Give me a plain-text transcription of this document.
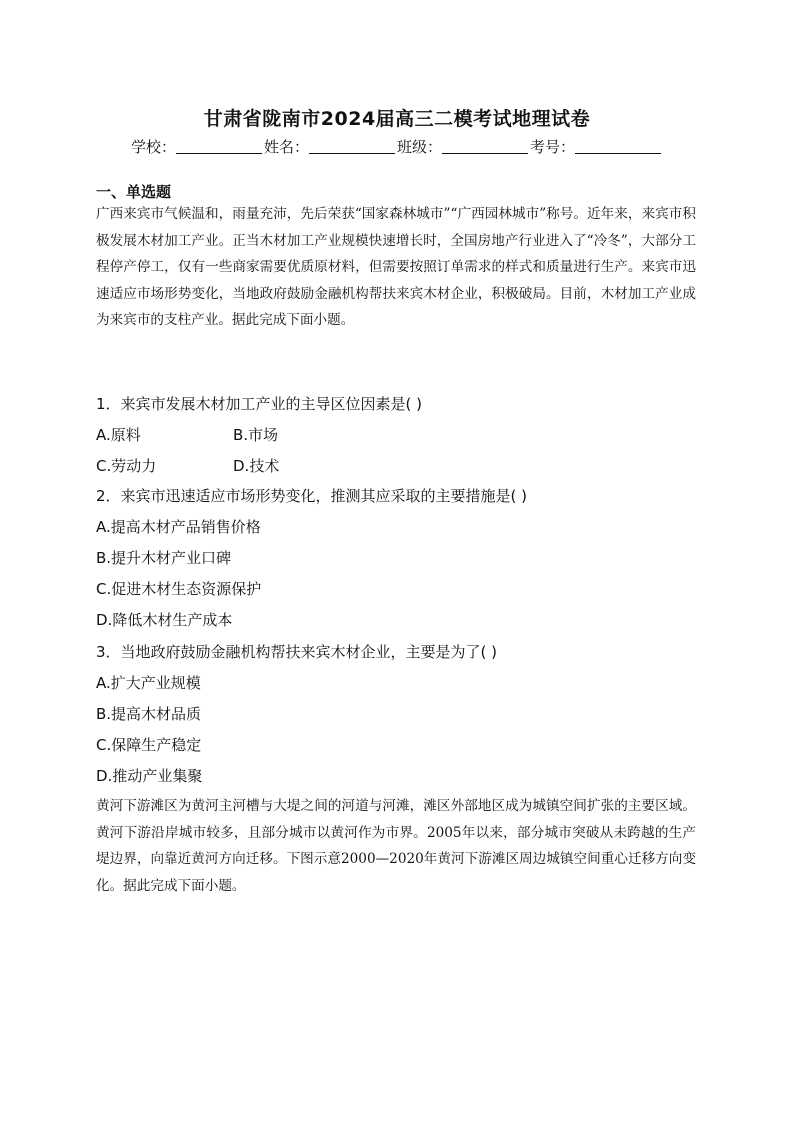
甘肃省陇南市2024届高三二模考试地理试卷
学校：	姓名：	班级：	考号：
一、单选题
广西来宾市气候温和，雨量充沛，先后荣获“国家森林城市”“广西园林城市”称号。近年来，来宾市积极发展木材加工产业。正当木材加工产业规模快速增长时，全国房地产行业进入了“冷冬”，大部分工程停产停工，仅有一些商家需要优质原材料，但需要按照订单需求的样式和质量进行生产。来宾市迅速适应市场形势变化，当地政府鼓励金融机构帮扶来宾木材企业，积极破局。目前，木材加工产业成为来宾市的支柱产业。据此完成下面小题。
1．来宾市发展木材加工产业的主导区位因素是( )
A.原料	B.市场
C.劳动力	D.技术
2．来宾市迅速适应市场形势变化，推测其应采取的主要措施是( )
A.提高木材产品销售价格
B.提升木材产业口碑
C.促进木材生态资源保护
D.降低木材生产成本
3．当地政府鼓励金融机构帮扶来宾木材企业，主要是为了( )
A.扩大产业规模
B.提高木材品质
C.保障生产稳定
D.推动产业集聚
黄河下游滩区为黄河主河槽与大堤之间的河道与河滩，滩区外部地区成为城镇空间扩张的主要区域。黄河下游沿岸城市较多，且部分城市以黄河作为市界。2005年以来，部分城市突破从未跨越的生产堤边界，向靠近黄河方向迁移。下图示意2000—2020年黄河下游滩区周边城镇空间重心迁移方向变化。据此完成下面小题。
